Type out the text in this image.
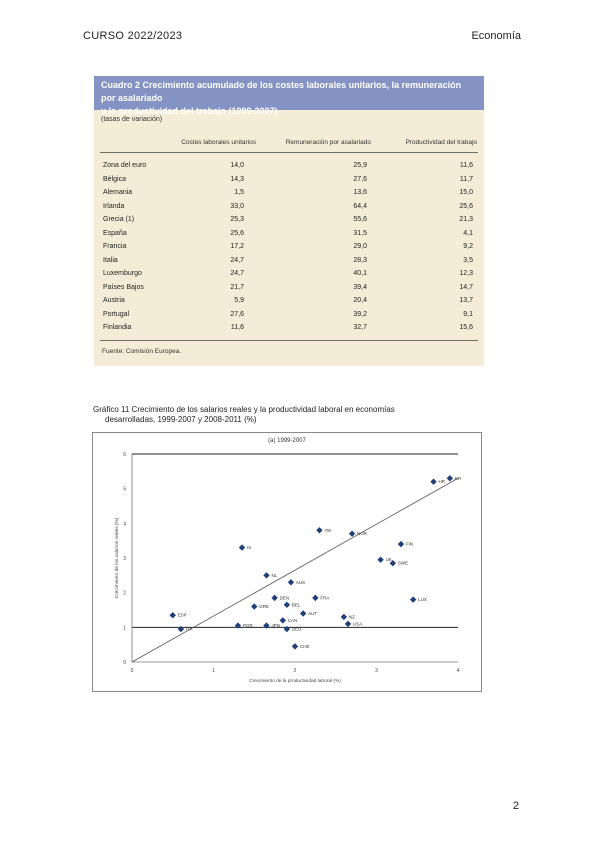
CURSO 2022/2023	Economía
Cuadro 2 Crecimiento acumulado de los costes laborales unitarios, la remuneración por asalariado
y la productividad del trabajo (1999-2007)
(tasas de variación)
Costes laborales unitarios	Remuneración por asalariado	Productividad del trabajo
Zona del euro	14,0	25,9	11,6
Bélgica	14,3	27,6	11,7
Alemania	1,5	13,6	15,0
Irlanda	33,0	64,4	25,6
Grecia (1)	25,3	55,6	21,3
España	25,6	31,5	4,1
Francia	17,2	29,0	9,2
Italia	24,7	28,3	3,5
Luxemburgo	24,7	40,1	12,3
Países Bajos	21,7	39,4	14,7
Austria	5,9	20,4	13,7
Portugal	27,6	39,2	9,1
Finlandia	11,6	32,7	15,6
Fuente: Comisión Europea.
Gráfico 11 Crecimiento de los salarios reales y la productividad laboral en economías
desarrolladas, 1999-2007 y 2008-2011 (%)
(a) 1999-2007
0	1	2	3	4
0
1
2
3
4
5
6
Crecimiento de la productividad laboral (%)
Crecimiento de los salarios reales (%)
KR
HR
ITE
NOR
FIN
IS
UK
SWE
NL
AUS
LUX
DEN
BEL
FRA
GRE
AUT
NZ
CAN
USA
ESP
JPN
ITA
POR
DEU
CHE
2
